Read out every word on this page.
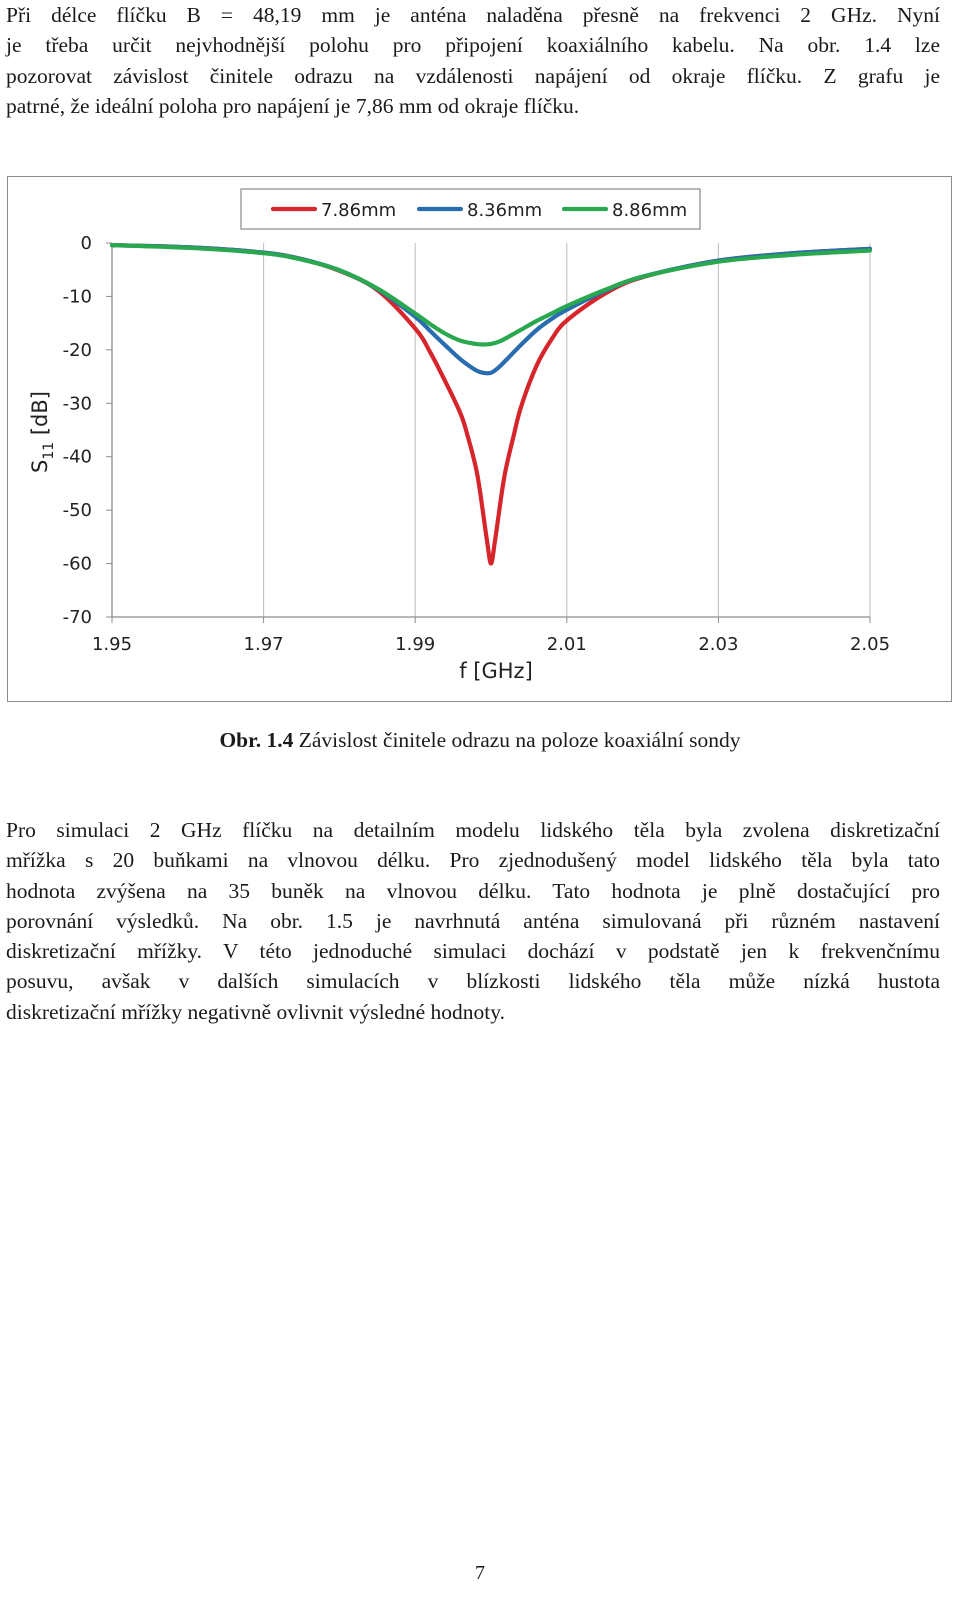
Při délce flíčku B = 48,19 mm je anténa naladěna přesně na frekvenci 2 GHz. Nyní
je třeba určit nejvhodnější polohu pro připojení koaxiálního kabelu. Na obr. 1.4 lze
pozorovat závislost činitele odrazu na vzdálenosti napájení od okraje flíčku. Z grafu je
patrné, že ideální poloha pro napájení je 7,86 mm od okraje flíčku.

1.95	1.97	1.99	2.01	2.03	2.05
0
-10
-20
-30
-40
-50
-60
-70
f [GHz]
$S_{11}$ [dB]
7.86mm	8.36mm	8.86mm
Obr. 1.4 Závislost činitele odrazu na poloze koaxiální sondy

Pro simulaci 2 GHz flíčku na detailním modelu lidského těla byla zvolena diskretizační
mřížka s 20 buňkami na vlnovou délku. Pro zjednodušený model lidského těla byla tato
hodnota zvýšena na 35 buněk na vlnovou délku. Tato hodnota je plně dostačující pro
porovnání výsledků. Na obr. 1.5 je navrhnutá anténa simulovaná při různém nastavení
diskretizační mřížky. V této jednoduché simulaci dochází v podstatě jen k frekvenčnímu
posuvu, avšak v dalších simulacích v blízkosti lidského těla může nízká hustota
diskretizační mřížky negativně ovlivnit výsledné hodnoty.

7
